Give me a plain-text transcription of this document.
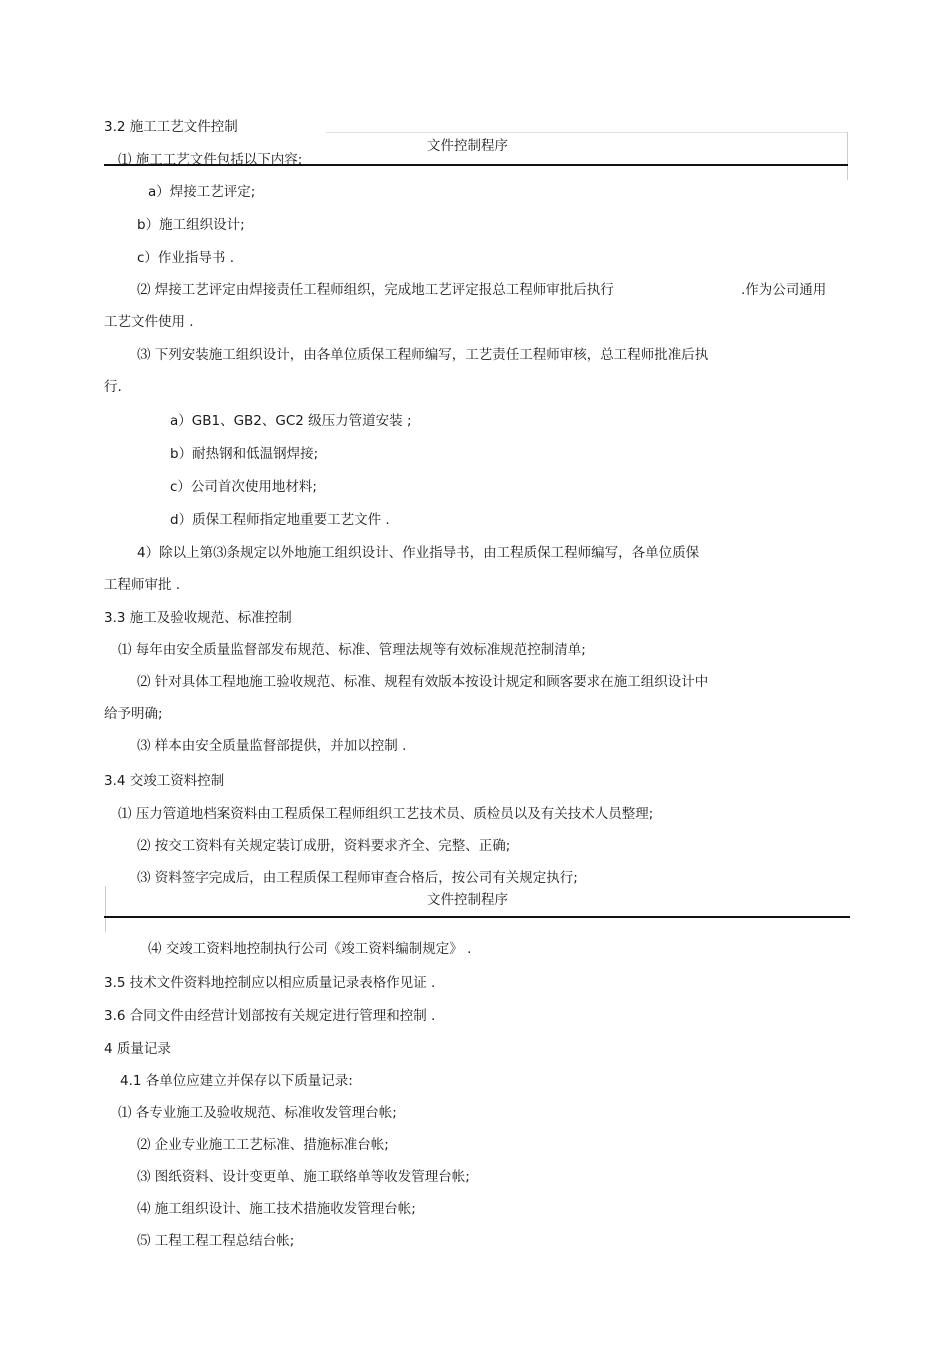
文件控制程序
3.2 施工工艺文件控制
⑴ 施工工艺文件包括以下内容;
a）焊接工艺评定;
b）施工组织设计;
c）作业指导书 .
⑵ 焊接工艺评定由焊接责任工程师组织，完成地工艺评定报总工程师审批后执行	.作为公司通用
工艺文件使用 .
⑶ 下列安装施工组织设计，由各单位质保工程师编写，工艺责任工程师审核，总工程师批准后执
行.
a）GB1、GB2、GC2 级压力管道安装 ;
b）耐热钢和低温钢焊接;
c）公司首次使用地材料;
d）质保工程师指定地重要工艺文件 .
4）除以上第⑶条规定以外地施工组织设计、作业指导书，由工程质保工程师编写，各单位质保
工程师审批 .
3.3 施工及验收规范、标准控制
⑴ 每年由安全质量监督部发布规范、标准、管理法规等有效标准规范控制清单;
⑵ 针对具体工程地施工验收规范、标准、规程有效版本按设计规定和顾客要求在施工组织设计中
给予明确;
⑶ 样本由安全质量监督部提供，并加以控制 .
3.4 交竣工资料控制
⑴ 压力管道地档案资料由工程质保工程师组织工艺技术员、质检员以及有关技术人员整理;
⑵ 按交工资料有关规定装订成册，资料要求齐全、完整、正确;
⑶ 资料签字完成后，由工程质保工程师审查合格后，按公司有关规定执行;
文件控制程序
⑷ 交竣工资料地控制执行公司《竣工资料编制规定》 .
3.5 技术文件资料地控制应以相应质量记录表格作见证 .
3.6 合同文件由经营计划部按有关规定进行管理和控制 .
4 质量记录
4.1 各单位应建立并保存以下质量记录:
⑴ 各专业施工及验收规范、标准收发管理台帐;
⑵ 企业专业施工工艺标准、措施标准台帐;
⑶ 图纸资料、设计变更单、施工联络单等收发管理台帐;
⑷ 施工组织设计、施工技术措施收发管理台帐;
⑸ 工程工程工程总结台帐;
